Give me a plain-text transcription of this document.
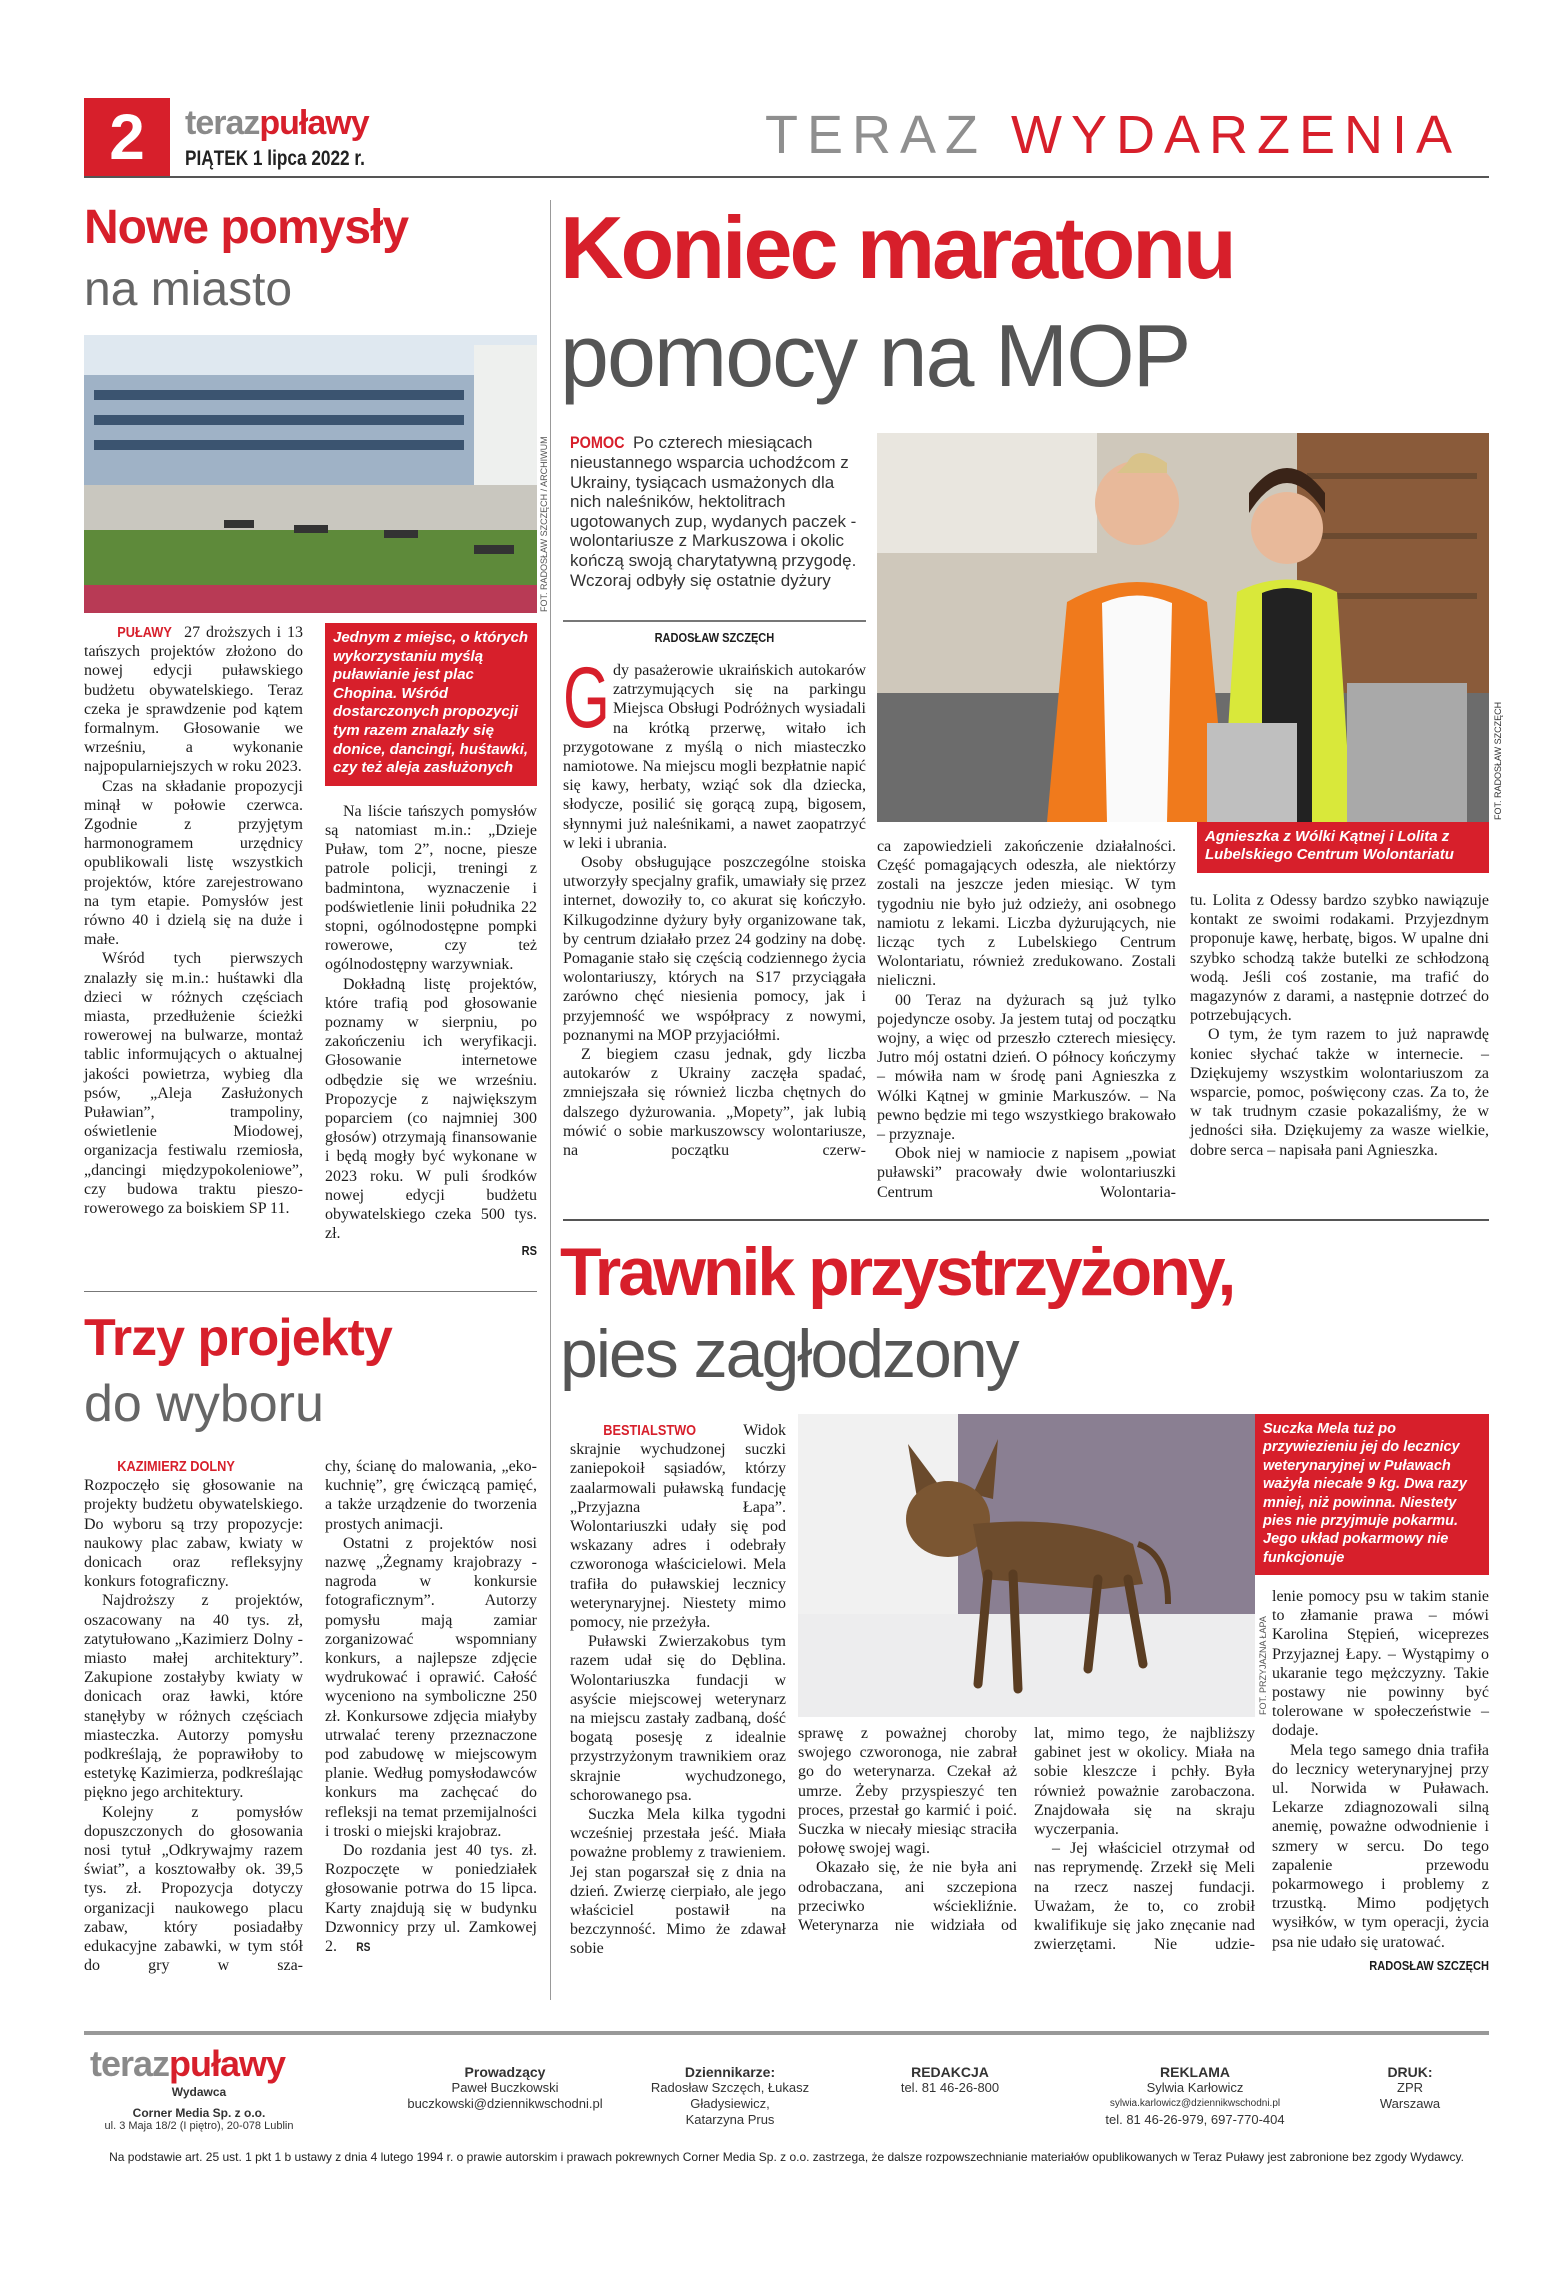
2	terazpuławy
PIĄTEK 1 lipca 2022 r.	TERAZ WYDARZENIA
Nowe pomysły
na miasto
FOT. RADOSŁAW SZCZĘCH / ARCHIWUM

PUŁAWY 27 droższych i 13 tańszych projektów złożono do nowej edycji puławskiego budżetu obywatelskiego. Teraz czeka je sprawdzenie pod kątem formalnym. Głosowanie we wrześniu, a wykonanie najpopularniejszych w roku 2023.

Czas na składanie propozycji minął w połowie czerwca. Zgodnie z przyjętym harmonogramem urzędnicy opublikowali listę wszystkich projektów, które zarejestrowano na tym etapie. Pomysłów jest równo 40 i dzielą się na duże i małe.

Wśród tych pierwszych znalazły się m.in.: huśtawki dla dzieci w różnych częściach miasta, przedłużenie ścieżki rowerowej na bulwarze, montaż tablic informujących o aktualnej jakości powietrza, wybieg dla psów, „Aleja Zasłużonych Puławian”, trampoliny, oświetlenie Miodowej, organizacja festiwalu rzemiosła, „dancingi międzypokoleniowe”, czy budowa traktu pieszo-rowerowego za boiskiem SP 11.

Jednym z miejsc, o których wykorzystaniu myślą puławianie jest plac Chopina. Wśród dostarczonych propozycji tym razem znalazły się donice, dancingi, huśtawki, czy też aleja zasłużonych

Na liście tańszych pomysłów są natomiast m.in.: „Dzieje Puław, tom 2”, nocne, piesze patrole policji, treningi z badmintona, wyznaczenie i podświetlenie linii południka 22 stopni, ogólnodostępne pompki rowerowe, czy też ogólnodostępny warzywniak.

Dokładną listę projektów, które trafią pod głosowanie poznamy w sierpniu, po zakończeniu ich weryfikacji. Głosowanie internetowe odbędzie się we wrześniu. Propozycje z największym poparciem (co najmniej 300 głosów) otrzymają finansowanie i będą mogły być wykonane w 2023 roku. W puli środków nowej edycji budżetu obywatelskiego czeka 500 tys. zł.

RS
Trzy projekty
do wyboru

KAZIMIERZ DOLNY Rozpoczęło się głosowanie na projekty budżetu obywatelskiego. Do wyboru są trzy propozycje: naukowy plac zabaw, kwiaty w donicach oraz refleksyjny konkurs fotograficzny.

Najdroższy z projektów, oszacowany na 40 tys. zł, zatytułowano „Kazimierz Dolny - miasto małej architektury”. Zakupione zostałyby kwiaty w donicach oraz ławki, które stanęłyby w różnych częściach miasteczka. Autorzy pomysłu podkreślają, że poprawiłoby to estetykę Kazimierza, podkreślając piękno jego architektury.

Kolejny z pomysłów dopuszczonych do głosowania nosi tytuł „Odkrywajmy razem świat”, a kosztowałby ok. 39,5 tys. zł. Propozycja dotyczy organizacji naukowego placu zabaw, który posiadałby edukacyjne zabawki, w tym stół do gry w sza-

chy, ścianę do malowania, „eko-kuchnię”, grę ćwiczącą pamięć, a także urządzenie do tworzenia prostych animacji.

Ostatni z projektów nosi nazwę „Żegnamy krajobrazy - nagroda w konkursie fotograficznym”. Autorzy pomysłu mają zamiar zorganizować wspomniany konkurs, a najlepsze zdjęcie wydrukować i oprawić. Całość wyceniono na symboliczne 250 zł. Konkursowe zdjęcia miałyby utrwalać tereny przeznaczone pod zabudowę w miejscowym planie. Według pomysłodawców konkurs ma zachęcać do refleksji na temat przemijalności i troski o miejski krajobraz.

Do rozdania jest 40 tys. zł. Rozpoczęte w poniedziałek głosowanie potrwa do 15 lipca. Karty znajdują się w budynku Dzwonnicy przy ul. Zamkowej 2. RS

Koniec maratonu
pomocy na MOP
POMOC Po czterech miesiącach nieustannego wsparcia uchodźcom z Ukrainy, tysiącach usmażonych dla nich naleśników, hektolitrach ugotowanych zup, wydanych paczek - wolontariusze z Markuszowa i okolic kończą swoją charytatywną przygodę. Wczoraj odbyły się ostatnie dyżury
RADOSŁAW SZCZĘCH
FOT. RADOSŁAW SZCZĘCH
Agnieszka z Wólki Kątnej i Lolita z Lubelskiego Centrum Wolontariatu

Gdy pasażerowie ukraińskich autokarów zatrzymujących się na parkingu Miejsca Obsługi Podróżnych wysiadali na krótką przerwę, witało ich przygotowane z myślą o nich miasteczko namiotowe. Na miejscu mogli bezpłatnie napić się kawy, herbaty, wziąć sok dla dziecka, słodycze, posilić się gorącą zupą, bigosem, słynnymi już naleśnikami, a nawet zaopatrzyć w leki i ubrania.

Osoby obsługujące poszczególne stoiska utworzyły specjalny grafik, umawiały się przez internet, dowoziły to, co akurat się kończyło. Kilkugodzinne dyżury były organizowane tak, by centrum działało przez 24 godziny na dobę. Pomaganie stało się częścią codziennego życia wolontariuszy, których na S17 przyciągała zarówno chęć niesienia pomocy, jak i przyjemność we współpracy z nowymi, poznanymi na MOP przyjaciółmi.

Z biegiem czasu jednak, gdy liczba autokarów z Ukrainy zaczęła spadać, zmniejszała się również liczba chętnych do dalszego dyżurowania. „Mopety”, jak lubią mówić o sobie markuszowscy wolontariusze, na początku czerw-

ca zapowiedzieli zakończenie działalności. Część pomagających odeszła, ale niektórzy zostali na jeszcze jeden miesiąc. W tym tygodniu nie było już odzieży, ani osobnego namiotu z lekami. Liczba dyżurujących, nie licząc tych z Lubelskiego Centrum Wolontariatu, również zredukowano. Zostali nieliczni.

00 Teraz na dyżurach są już tylko pojedyncze osoby. Ja jestem tutaj od początku wojny, a więc od przeszło czterech miesięcy. Jutro mój ostatni dzień. O północy kończymy – mówiła nam w środę pani Agnieszka z Wólki Kątnej w gminie Markuszów. – Na pewno będzie mi tego wszystkiego brakowało – przyznaje.

Obok niej w namiocie z napisem „powiat puławski” pracowały dwie wolontariuszki Centrum Wolontaria-

tu. Lolita z Odessy bardzo szybko nawiązuje kontakt ze swoimi rodakami. Przyjezdnym proponuje kawę, herbatę, bigos. W upalne dni szybko schodzą także butelki ze schłodzoną wodą. Jeśli coś zostanie, ma trafić do magazynów z darami, a następnie dotrzeć do potrzebujących.

O tym, że tym razem to już naprawdę koniec słychać także w internecie. – Dziękujemy wszystkim wolontariuszom za wsparcie, pomoc, poświęcony czas. Za to, że w tak trudnym czasie pokazaliśmy, że w jedności siła. Dziękujemy za wasze wielkie, dobre serca – napisała pani Agnieszka.

Trawnik przystrzyżony,
pies zagłodzony
FOT. PRZYJAZNA ŁAPA
Suczka Mela tuż po przywiezieniu jej do lecznicy weterynaryjnej w Puławach ważyła niecałe 9 kg. Dwa razy mniej, niż powinna. Niestety pies nie przyjmuje pokarmu. Jego układ pokarmowy nie funkcjonuje

BESTIALSTWO	Widok skrajnie wychudzonej suczki zaniepokoił sąsiadów, którzy zaalarmowali puławską fundację „Przyjazna Łapa”. Wolontariuszki udały się pod wskazany adres i odebrały czworonoga właścicielowi. Mela trafiła do puławskiej lecznicy weterynaryjnej. Niestety mimo pomocy, nie przeżyła.

Puławski Zwierzakobus tym razem udał się do Dęblina. Wolontariuszka fundacji w asyście miejscowej weterynarz na miejscu zastały zadbaną, dość bogatą posesję z idealnie przystrzyżonym trawnikiem oraz skrajnie wychudzonego, schorowanego psa.

Suczka Mela kilka tygodni wcześniej przestała jeść. Miała poważne problemy z trawieniem. Jej stan pogarszał się z dnia na dzień. Zwierzę cierpiało, ale jego właściciel postawił na bezczynność. Mimo że zdawał sobie

sprawę z poważnej choroby swojego czworonoga, nie zabrał go do weterynarza. Czekał aż umrze. Żeby przyspieszyć ten proces, przestał go karmić i poić. Suczka w niecały miesiąc straciła połowę swojej wagi.

Okazało się, że nie była ani odrobaczana, ani szczepiona przeciwko wściekliźnie. Weterynarza nie widziała od

lat, mimo tego, że najbliższy gabinet jest w okolicy. Miała na sobie kleszcze i pchły. Była również poważnie zarobaczona. Znajdowała się na skraju wyczerpania.

– Jej właściciel otrzymał od nas reprymendę. Zrzekł się Meli na rzecz naszej fundacji. Uważam, że to, co zrobił kwalifikuje się jako znęcanie nad zwierzętami. Nie udzie-

lenie pomocy psu w takim stanie to złamanie prawa – mówi Karolina Stępień, wiceprezes Przyjaznej Łapy. – Wystąpimy o ukaranie tego mężczyzny. Takie postawy nie powinny być tolerowane w społeczeństwie – dodaje.

Mela tego samego dnia trafiła do lecznicy weterynaryjnej przy ul. Norwida w Puławach. Lekarze zdiagnozowali silną anemię, poważne odwodnienie i szmery w sercu. Do tego zapalenie przewodu pokarmowego i problemy z trzustką. Mimo podjętych wysiłków, w tym operacji, życia psa nie udało się uratować.

RADOSŁAW SZCZĘCH
terazpuławy
Wydawca
Corner Media Sp. z o.o.
ul. 3 Maja 18/2 (I piętro), 20-078 Lublin
Prowadzący
Paweł Buczkowski
buczkowski@dziennikwschodni.pl
Dziennikarze:
Radosław Szczęch, Łukasz
Gładysiewicz,
Katarzyna Prus
REDAKCJA
tel. 81 46-26-800
REKLAMA
Sylwia Karłowicz
sylwia.karlowicz@dziennikwschodni.pl
tel. 81 46-26-979, 697-770-404
DRUK:
ZPR
Warszawa
Na podstawie art. 25 ust. 1 pkt 1 b ustawy z dnia 4 lutego 1994 r. o prawie autorskim i prawach pokrewnych Corner Media Sp. z o.o. zastrzega, że dalsze rozpowszechnianie materiałów opublikowanych w Teraz Puławy jest zabronione bez zgody Wydawcy.
